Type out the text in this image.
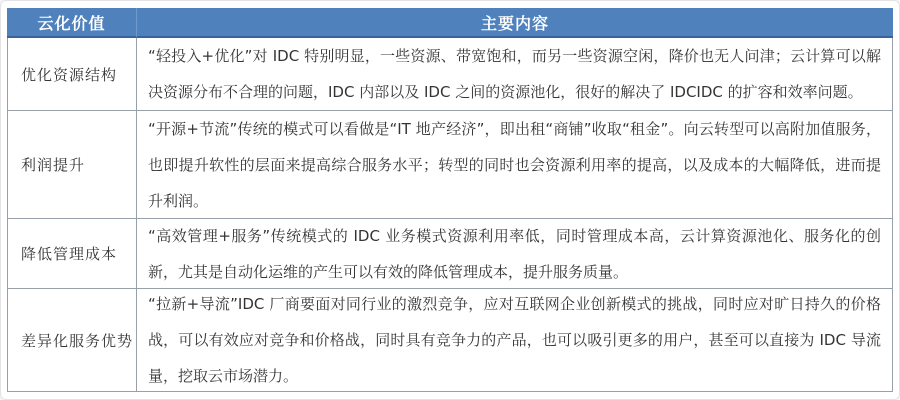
云化价值	主要内容
优化资源结构
“轻投入+优化”对 IDC 特别明显，一些资源、带宽饱和，而另一些资源空闲，降价也无人问津；云计算可以解决资源分布不合理的问题，IDC 内部以及 IDC 之间的资源池化，很好的解决了 IDCIDC 的扩容和效率问题。
利润提升
“开源+节流”传统的模式可以看做是“IT 地产经济”，即出租“商铺”收取“租金”。向云转型可以高附加值服务，也即提升软性的层面来提高综合服务水平；转型的同时也会资源利用率的提高，以及成本的大幅降低，进而提升利润。
降低管理成本
“高效管理+服务”传统模式的 IDC 业务模式资源利用率低，同时管理成本高，云计算资源池化、服务化的创新，尤其是自动化运维的产生可以有效的降低管理成本，提升服务质量。
差异化服务优势
“拉新+导流”IDC 厂商要面对同行业的激烈竞争，应对互联网企业创新模式的挑战，同时应对旷日持久的价格战，可以有效应对竞争和价格战，同时具有竞争力的产品，也可以吸引更多的用户，甚至可以直接为 IDC 导流量，挖取云市场潜力。
